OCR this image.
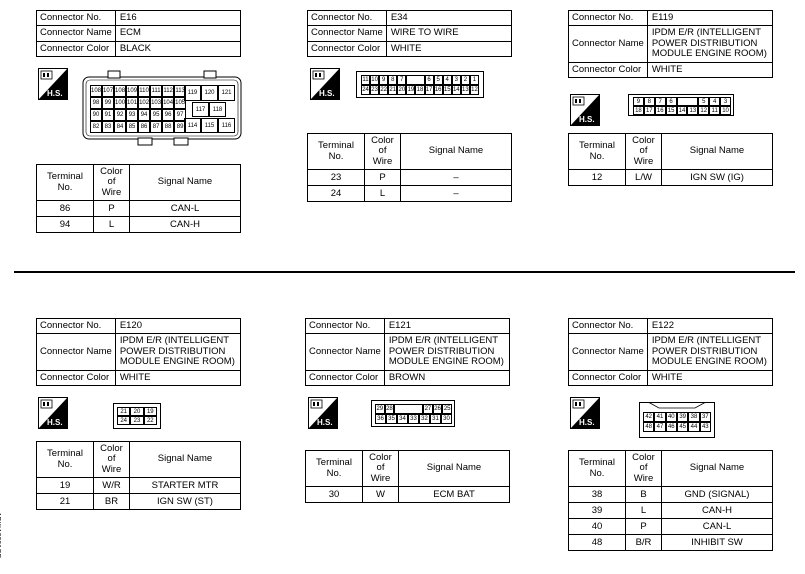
Connector No.	E16
Connector Name	ECM
Connector Color	BLACK
H.S.	108 107 108 109 110 111 112 113
98 99 100 101 102 103 104 105
90 91 92 93 94 95 96 97
82 83 84 85 86 87 88 89
119	120	121
117	118
114	115	116
Terminal No.	Color of Wire	Signal Name
86	P	CAN-L
94	L	CAN-H
Connector No.	E34
Connector Name	WIRE TO WIRE
Connector Color	WHITE
H.S.
11 10 9 8 7	6 5 4 3 2 1
24 23 22 21 20 19 18 17 16 15 14 13 12
Terminal No.	Color of Wire	Signal Name
23	P	–
24	L	–
Connector No.	E119
Connector Name	IPDM E/R (INTELLIGENT POWER DISTRIBUTION MODULE ENGINE ROOM)
Connector Color	WHITE
H.S.
9	8	7	6	5	4	3
18 17 16 15 14 13 12 11 10
Terminal No.	Color of Wire	Signal Name
12	L/W	IGN SW (IG)
Connector No.	E120
Connector Name	IPDM E/R (INTELLIGENT POWER DISTRIBUTION MODULE ENGINE ROOM)
Connector Color	WHITE
H.S.
21	20	19
24	23	22
Terminal No.	Color of Wire	Signal Name
19	W/R	STARTER MTR
21	BR	IGN SW (ST)
Connector No.	E121
Connector Name	IPDM E/R (INTELLIGENT POWER DISTRIBUTION MODULE ENGINE ROOM)
Connector Color	BROWN
H.S.
29 28	27 26 25
36 35 34 33 32 31 30
Terminal No.	Color of Wire	Signal Name
30	W	ECM BAT
Connector No.	E122
Connector Name	IPDM E/R (INTELLIGENT POWER DISTRIBUTION MODULE ENGINE ROOM)
Connector Color	WHITE
H.S.
42 41 40 39 38 37
48 47 46 45 44 43
Terminal No.	Color of Wire	Signal Name
38	B	GND (SIGNAL)
39	L	CAN-H
40	P	CAN-L
48	B/R	INHIBIT SW
